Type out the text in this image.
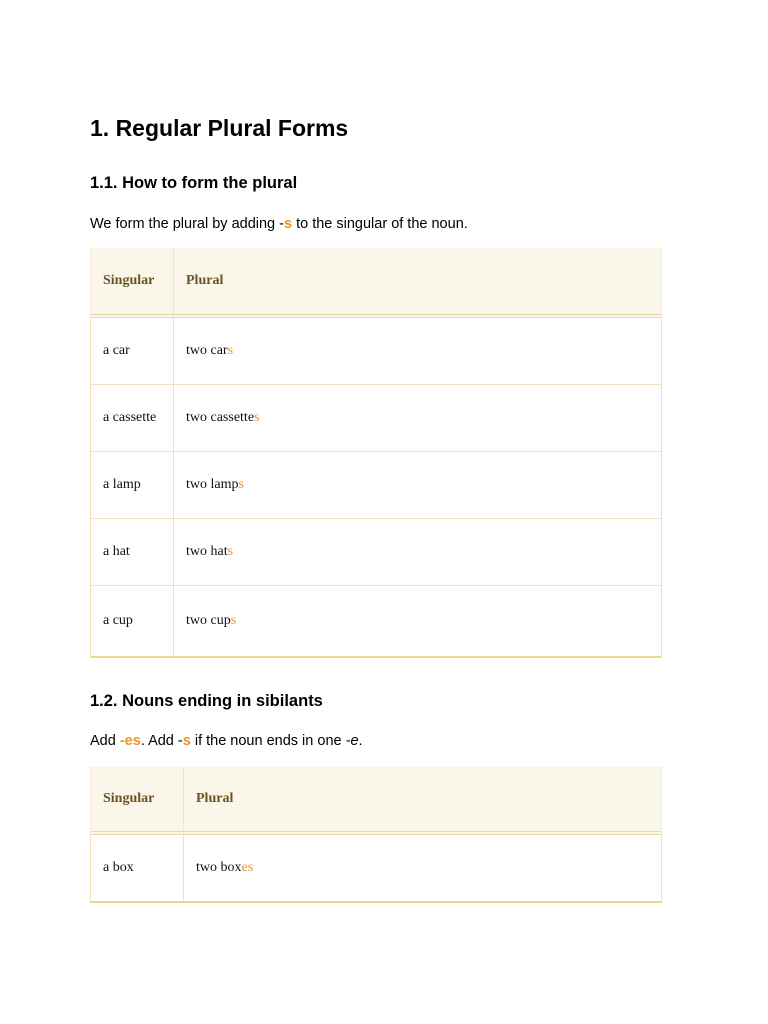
1. Regular Plural Forms
1.1. How to form the plural

We form the plural by adding -s to the singular of the noun.

Singular	Plural
a car	two cars
a cassette	two cassettes
a lamp	two lamps
a hat	two hats
a cup	two cups
1.2. Nouns ending in sibilants

Add -es. Add -s if the noun ends in one -e.

Singular	Plural
a box	two boxes
